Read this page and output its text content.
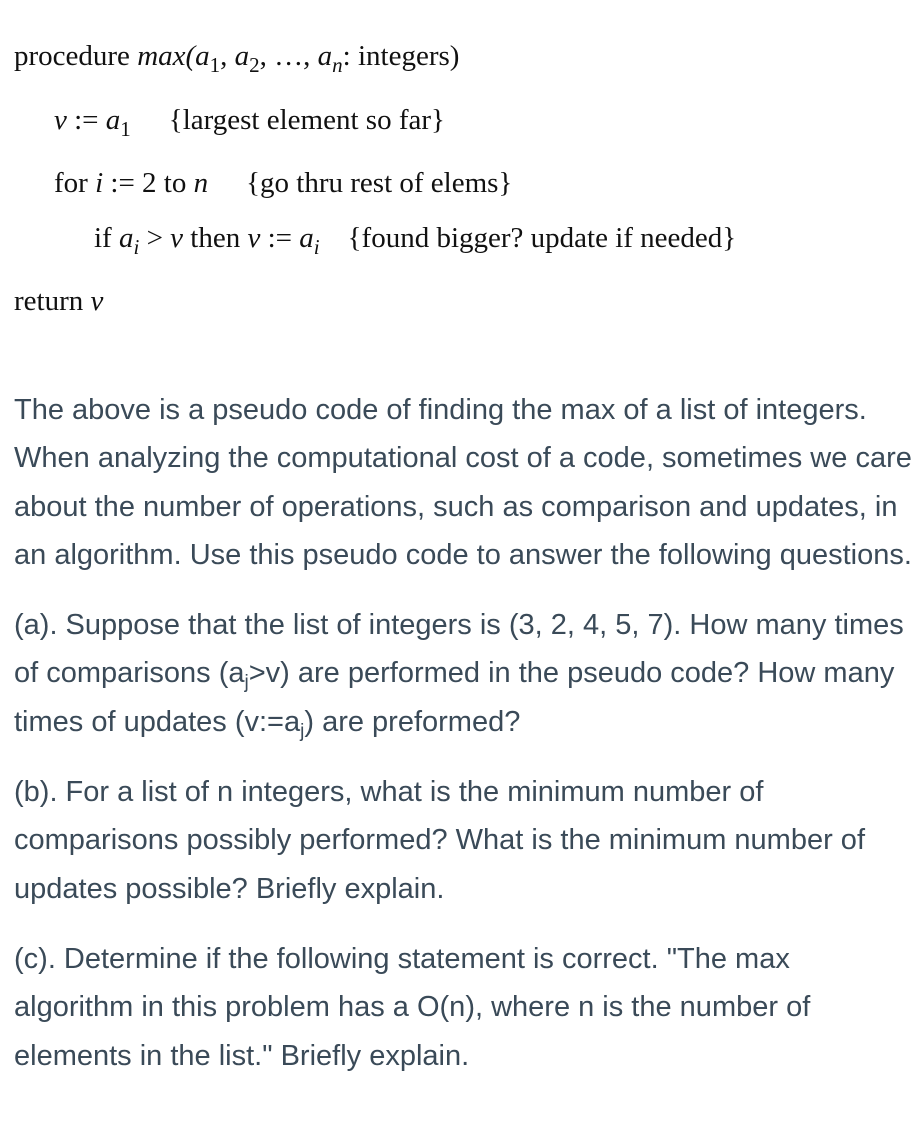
procedure $\max(a_1$, $a_2$, …, $a_n$: integers)
v := $a_1$ {largest element so far}
for i := 2 to n {go thru rest of elems}
if $a_i > v$ then v := $a_i$ {found bigger? update if needed}
return v

The above is a pseudo code of finding the max of a list of integers. When analyzing the computational cost of a code, sometimes we care about the number of operations, such as comparison and updates, in an algorithm. Use this pseudo code to answer the following questions.

(a). Suppose that the list of integers is (3, 2, 4, 5, 7). How many times of comparisons $(a_j>v)$ are performed in the pseudo code? How many times of updates $(v:=a_j)$ are preformed?

(b). For a list of n integers, what is the minimum number of comparisons possibly performed? What is the minimum number of updates possible? Briefly explain.

(c). Determine if the following statement is correct. "The max algorithm in this problem has a O(n), where n is the number of elements in the list." Briefly explain.
